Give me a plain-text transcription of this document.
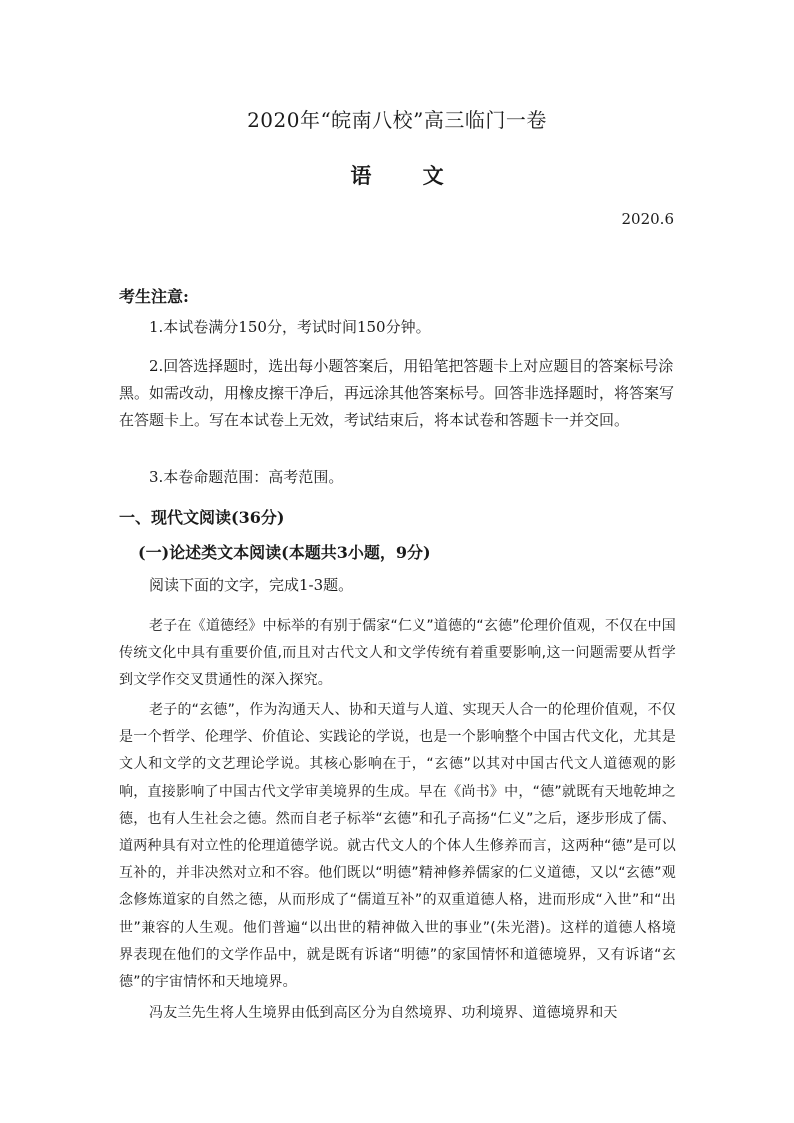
2020年“皖南八校”高三临门一卷
语 文
2020.6
考生注意:

1.本试卷满分150分，考试时间150分钟。

2.回答选择题时，选出每小题答案后，用铅笔把答题卡上对应题目的答案标号涂黑。如需改动，用橡皮擦干净后，再远涂其他答案标号。回答非选择题时，将答案写在答题卡上。写在本试卷上无效，考试结束后，将本试卷和答题卡一并交回。

3.本卷命题范围：高考范围。

一、现代文阅读(36分)
(一)论述类文本阅读(本题共3小题，9分)

阅读下面的文字，完成1-3题。

老子在《道德经》中标举的有别于儒家“仁义”道德的“玄德”伦理价值观，不仅在中国传统文化中具有重要价值,而且对古代文人和文学传统有着重要影响,这一问题需要从哲学到文学作交叉贯通性的深入探究。

老子的“玄德”，作为沟通天人、协和天道与人道、实现天人合一的伦理价值观，不仅是一个哲学、伦理学、价值论、实践论的学说，也是一个影响整个中国古代文化，尤其是文人和文学的文艺理论学说。其核心影响在于，“玄德”以其对中国古代文人道德观的影响，直接影响了中国古代文学审美境界的生成。早在《尚书》中，“德”就既有天地乾坤之德，也有人生社会之德。然而自老子标举“玄德”和孔子高扬“仁义”之后，逐步形成了儒、道两种具有对立性的伦理道德学说。就古代文人的个体人生修养而言，这两种“德”是可以互补的，并非决然对立和不容。他们既以“明德”精神修养儒家的仁义道德，又以“玄德”观念修炼道家的自然之德，从而形成了“儒道互补”的双重道德人格，进而形成“入世”和“出世”兼容的人生观。他们普遍“以出世的精神做入世的事业”(朱光潜)。这样的道德人格境界表现在他们的文学作品中，就是既有诉诸“明德”的家国情怀和道德境界，又有诉诸“玄德”的宇宙情怀和天地境界。

冯友兰先生将人生境界由低到高区分为自然境界、功利境界、道德境界和天
